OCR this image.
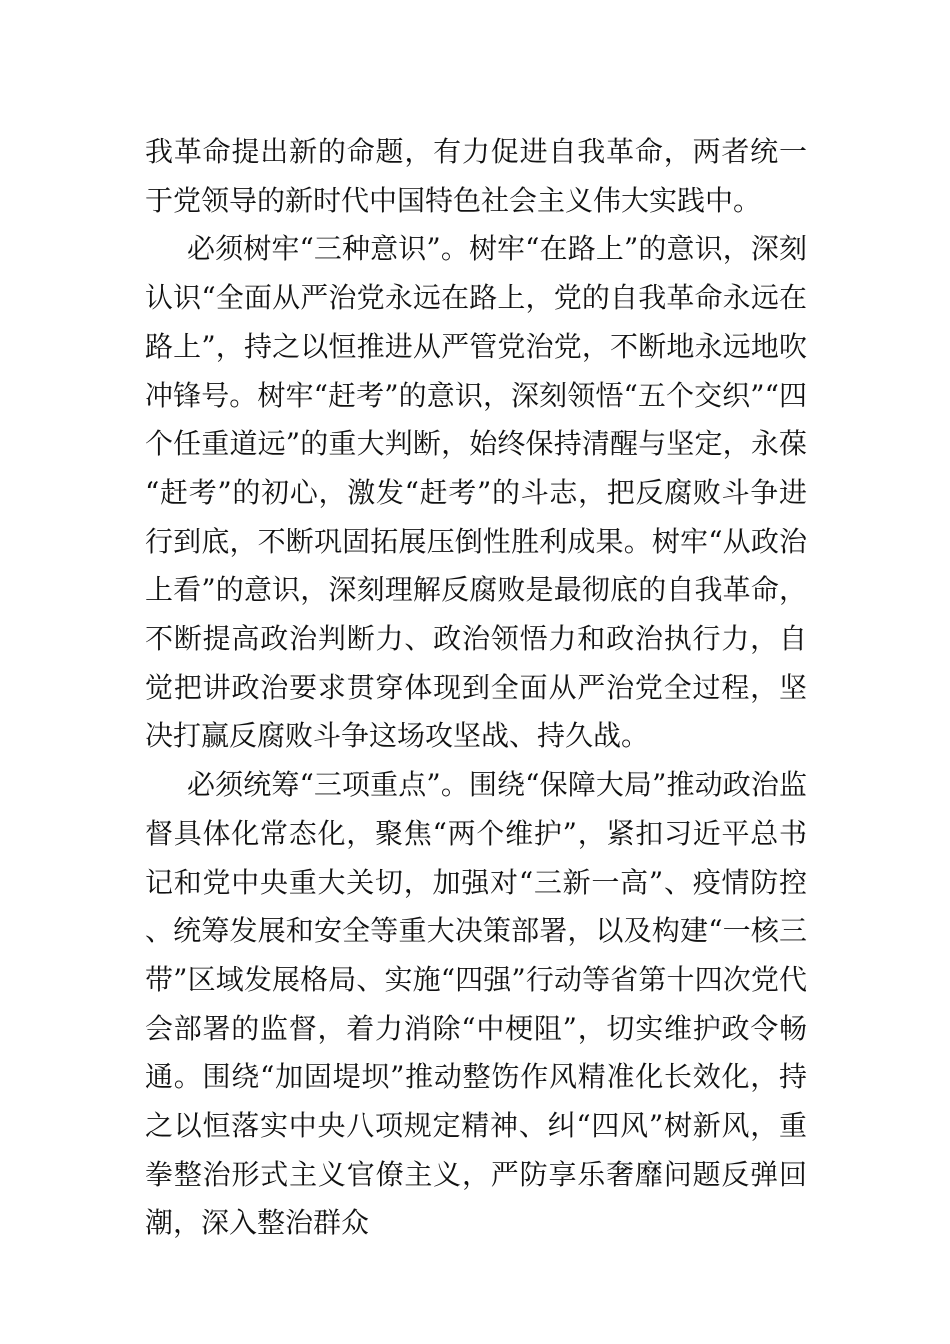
我革命提出新的命题，有力促进自我革命，两者统一于党领导的新时代中国特色社会主义伟大实践中。

必须树牢“三种意识”。树牢“在路上”的意识，深刻认识“全面从严治党永远在路上，党的自我革命永远在路上”，持之以恒推进从严管党治党，不断地永远地吹冲锋号。树牢“赶考”的意识，深刻领悟“五个交织”“四个任重道远”的重大判断，始终保持清醒与坚定，永葆“赶考”的初心，激发“赶考”的斗志，把反腐败斗争进行到底，不断巩固拓展压倒性胜利成果。树牢“从政治上看”的意识，深刻理解反腐败是最彻底的自我革命，不断提高政治判断力、政治领悟力和政治执行力，自觉把讲政治要求贯穿体现到全面从严治党全过程，坚决打赢反腐败斗争这场攻坚战、持久战。

必须统筹“三项重点”。围绕“保障大局”推动政治监督具体化常态化，聚焦“两个维护”，紧扣习近平总书记和党中央重大关切，加强对“三新一高”、疫情防控、统筹发展和安全等重大决策部署，以及构建“一核三带”区域发展格局、实施“四强”行动等省第十四次党代会部署的监督，着力消除“中梗阻”，切实维护政令畅通。围绕“加固堤坝”推动整饬作风精准化长效化，持之以恒落实中央八项规定精神、纠“四风”树新风，重拳整治形式主义官僚主义，严防享乐奢靡问题反弹回潮，深入整治群众
